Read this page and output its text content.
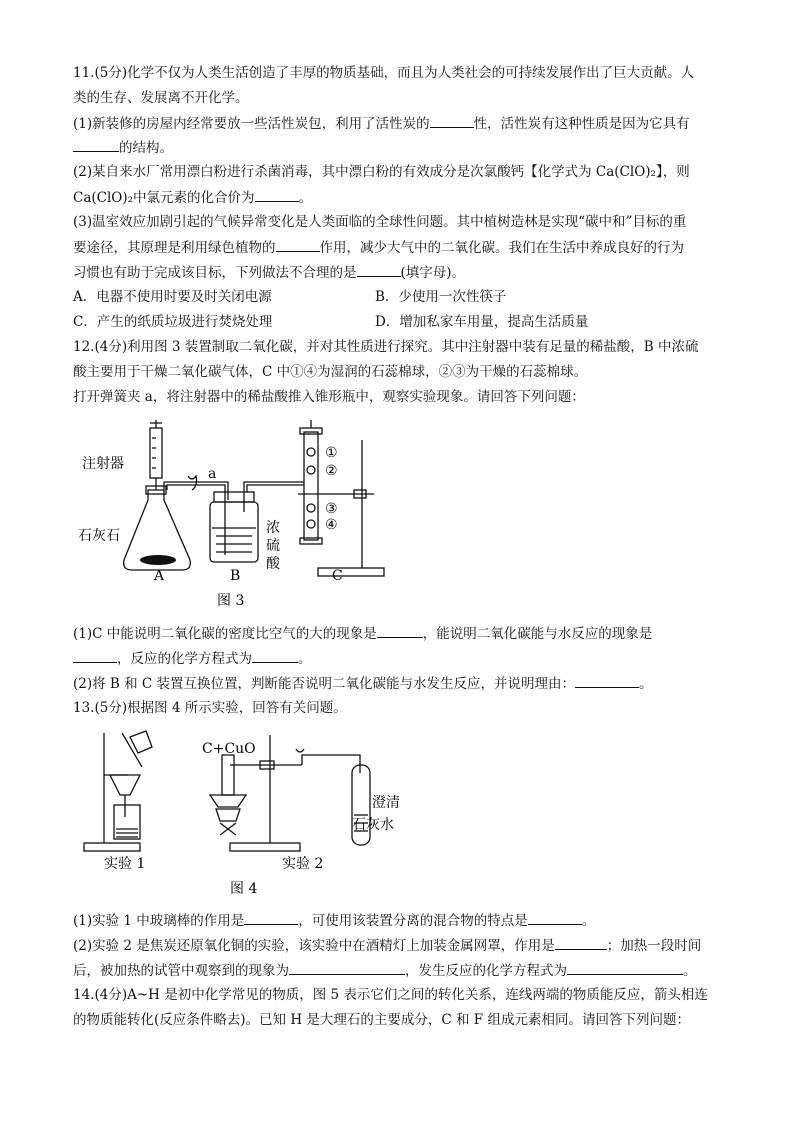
11.(5分)化学不仅为人类生活创造了丰厚的物质基础，而且为人类社会的可持续发展作出了巨大贡献。人
类的生存、发展离不开化学。
(1)新装修的房屋内经常要放一些活性炭包，利用了活性炭的	性，活性炭有这种性质是因为它具有
的结构。
(2)某自来水厂常用漂白粉进行杀菌消毒，其中漂白粉的有效成分是次氯酸钙【化学式为 Ca(ClO)₂】，则
Ca(ClO)₂中氯元素的化合价为	。
(3)温室效应加剧引起的气候异常变化是人类面临的全球性问题。其中植树造林是实现“碳中和”目标的重
要途径，其原理是利用绿色植物的	作用，减少大气中的二氧化碳。我们在生活中养成良好的行为
习惯也有助于完成该目标，下列做法不合理的是	(填字母)。
A．电器不使用时要及时关闭电源	B．少使用一次性筷子
C．产生的纸质垃圾进行焚烧处理	D．增加私家车用量，提高生活质量
12.(4分)利用图 3 装置制取二氧化碳，并对其性质进行探究。其中注射器中装有足量的稀盐酸，B 中浓硫
酸主要用于干燥二氧化碳气体，C 中①④为湿润的石蕊棉球，②③为干燥的石蕊棉球。
打开弹簧夹 a，将注射器中的稀盐酸推入锥形瓶中，观察实验现象。请回答下列问题：
注射器
石灰石
a
浓
硫
酸
①
②
③
④
A	B	C
图 3
(1)C 中能说明二氧化碳的密度比空气的大的现象是	，能说明二氧化碳能与水反应的现象是
，反应的化学方程式为	。
(2)将 B 和 C 装置互换位置，判断能否说明二氧化碳能与水发生反应，并说明理由：	。
13.(5分)根据图 4 所示实验，回答有关问题。
C+CuO
澄清
石灰水
实验 1	实验 2
图 4
(1)实验 1 中玻璃棒的作用是	，可使用该装置分离的混合物的特点是	。
(2)实验 2 是焦炭还原氧化铜的实验，该实验中在酒精灯上加装金属网罩，作用是	；加热一段时间
后，被加热的试管中观察到的现象为	，发生反应的化学方程式为	。
14.(4分)A~H 是初中化学常见的物质，图 5 表示它们之间的转化关系，连线两端的物质能反应，箭头相连
的物质能转化(反应条件略去)。已知 H 是大理石的主要成分，C 和 F 组成元素相同。请回答下列问题：
